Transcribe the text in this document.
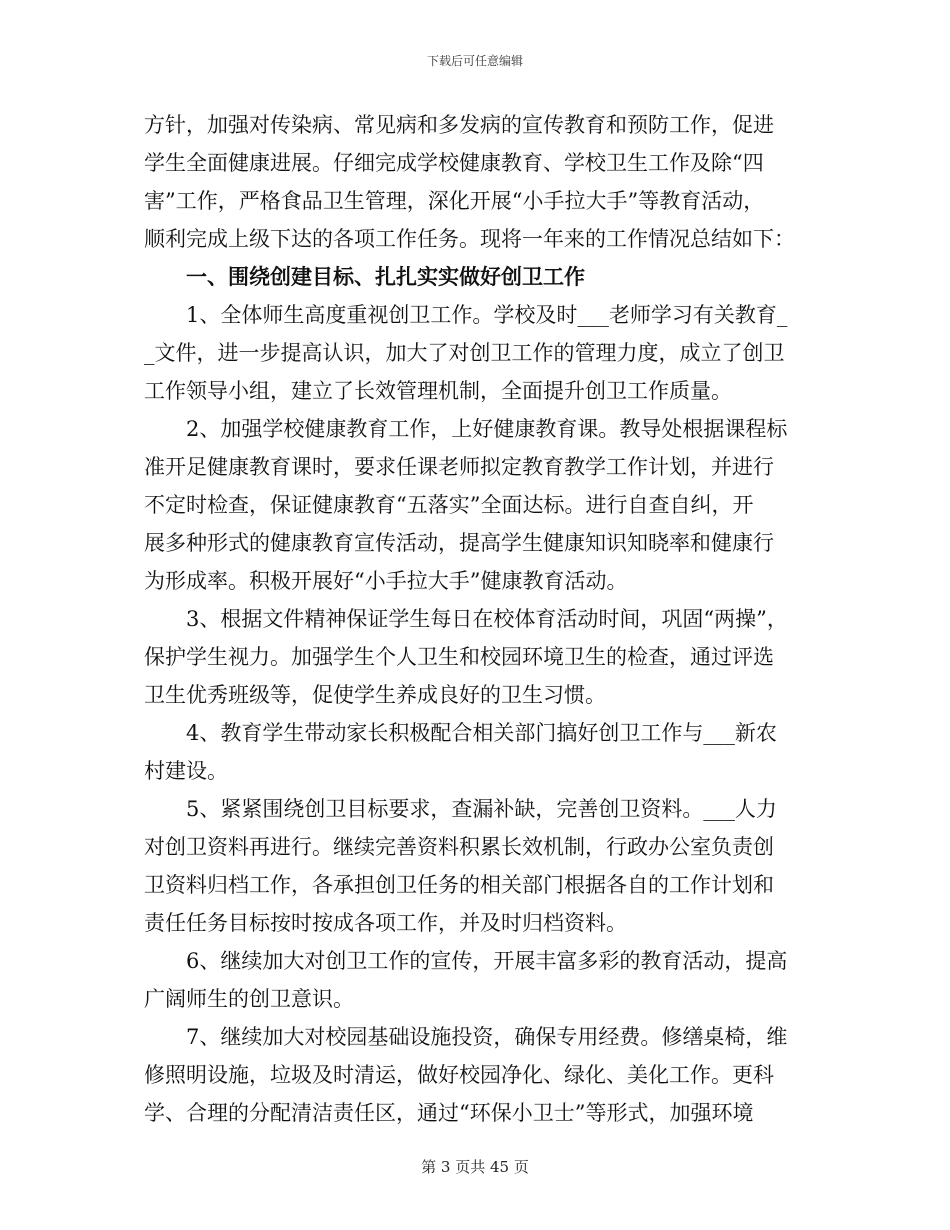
下载后可任意编辑
方针，加强对传染病、常见病和多发病的宣传教育和预防工作，促进
学生全面健康进展。仔细完成学校健康教育、学校卫生工作及除“四
害”工作，严格食品卫生管理，深化开展“小手拉大手”等教育活动，
顺利完成上级下达的各项工作任务。现将一年来的工作情况总结如下：
一、围绕创建目标、扎扎实实做好创卫工作
1、全体师生高度重视创卫工作。学校及时___老师学习有关教育_
_文件，进一步提高认识，加大了对创卫工作的管理力度，成立了创卫
工作领导小组，建立了长效管理机制，全面提升创卫工作质量。
2、加强学校健康教育工作，上好健康教育课。教导处根据课程标
准开足健康教育课时，要求任课老师拟定教育教学工作计划，并进行
不定时检查，保证健康教育“五落实”全面达标。进行自查自纠，开
展多种形式的健康教育宣传活动，提高学生健康知识知晓率和健康行
为形成率。积极开展好“小手拉大手”健康教育活动。
3、根据文件精神保证学生每日在校体育活动时间，巩固“两操”，
保护学生视力。加强学生个人卫生和校园环境卫生的检查，通过评选
卫生优秀班级等，促使学生养成良好的卫生习惯。
4、教育学生带动家长积极配合相关部门搞好创卫工作与___新农
村建设。
5、紧紧围绕创卫目标要求，查漏补缺，完善创卫资料。___人力
对创卫资料再进行。继续完善资料积累长效机制，行政办公室负责创
卫资料归档工作，各承担创卫任务的相关部门根据各自的工作计划和
责任任务目标按时按成各项工作，并及时归档资料。
6、继续加大对创卫工作的宣传，开展丰富多彩的教育活动，提高
广阔师生的创卫意识。
7、继续加大对校园基础设施投资，确保专用经费。修缮桌椅，维
修照明设施，垃圾及时清运，做好校园净化、绿化、美化工作。更科
学、合理的分配清洁责任区，通过“环保小卫士”等形式，加强环境
第 3 页共 45 页
